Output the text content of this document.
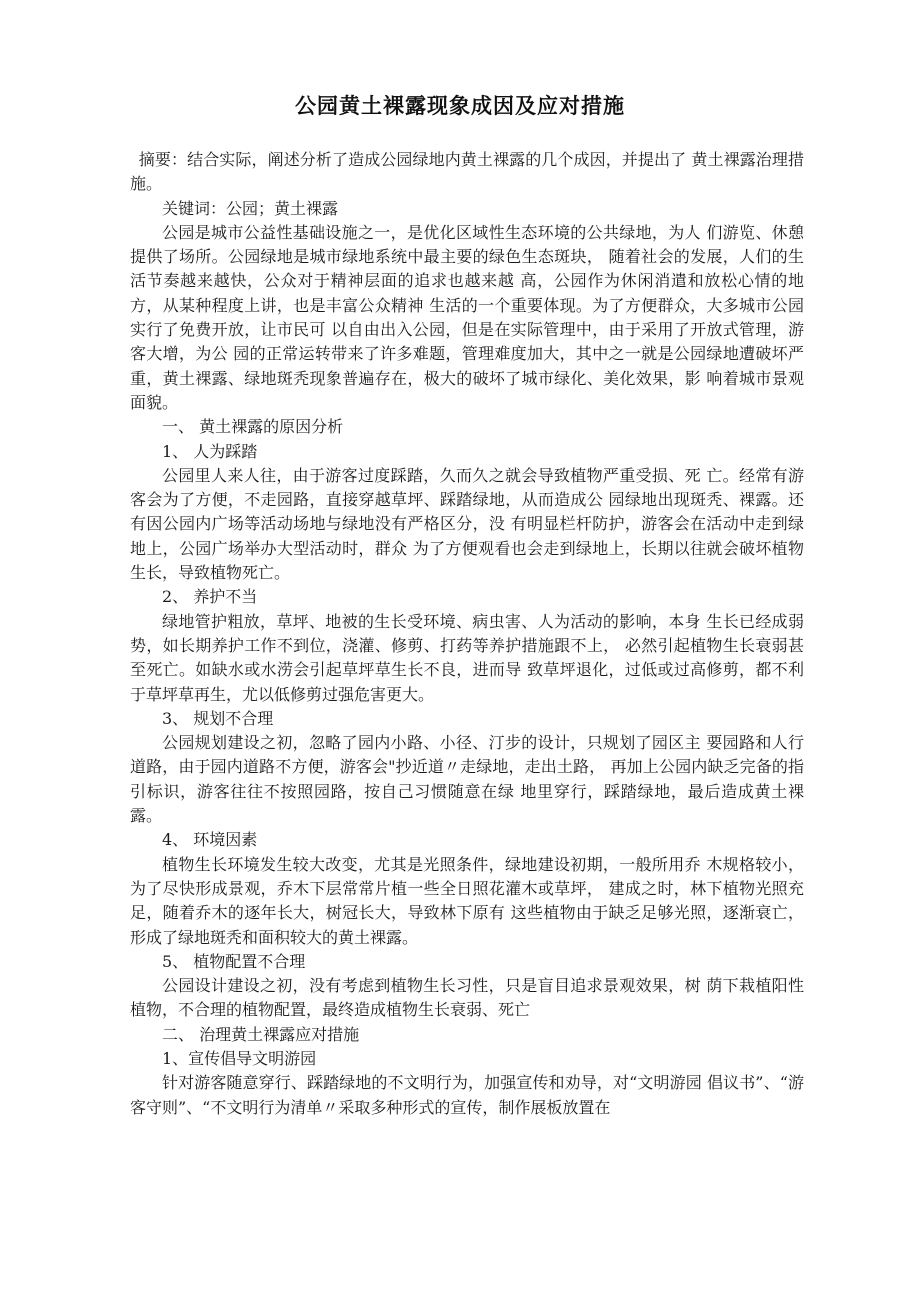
公园黄土裸露现象成因及应对措施

摘要：结合实际，阐述分析了造成公园绿地内黄土裸露的几个成因，并提出了 黄土裸露治理措施。

关键词：公园；黄土裸露

公园是城市公益性基础设施之一，是优化区域性生态环境的公共绿地，为人 们游览、休憩提供了场所。公园绿地是城市绿地系统中最主要的绿色生态斑块， 随着社会的发展，人们的生活节奏越来越快，公众对于精神层面的追求也越来越 高，公园作为休闲消遣和放松心情的地方，从某种程度上讲，也是丰富公众精神 生活的一个重要体现。为了方便群众，大多城市公园实行了免费开放，让市民可 以自由出入公园，但是在实际管理中，由于采用了开放式管理，游客大增，为公 园的正常运转带来了许多难题，管理难度加大，其中之一就是公园绿地遭破坏严 重，黄土裸露、绿地斑秃现象普遍存在，极大的破坏了城市绿化、美化效果，影 响着城市景观面貌。

一、 黄土裸露的原因分析

1、 人为踩踏

公园里人来人往，由于游客过度踩踏，久而久之就会导致植物严重受损、死 亡。经常有游客会为了方便，不走园路，直接穿越草坪、踩踏绿地，从而造成公 园绿地出现斑秃、裸露。还有因公园内广场等活动场地与绿地没有严格区分，没 有明显栏杆防护，游客会在活动中走到绿地上，公园广场举办大型活动时，群众 为了方便观看也会走到绿地上，长期以往就会破坏植物生长，导致植物死亡。

2、 养护不当

绿地管护粗放，草坪、地被的生长受环境、病虫害、人为活动的影响，本身 生长已经成弱势，如长期养护工作不到位，浇灌、修剪、打药等养护措施跟不上， 必然引起植物生长衰弱甚至死亡。如缺水或水涝会引起草坪草生长不良，进而导 致草坪退化，过低或过高修剪，都不利于草坪草再生，尤以低修剪过强危害更大。

3、 规划不合理

公园规划建设之初，忽略了园内小路、小径、汀步的设计，只规划了园区主 要园路和人行道路，由于园内道路不方便，游客会"抄近道〃走绿地，走出土路， 再加上公园内缺乏完备的指引标识，游客往往不按照园路，按自己习惯随意在绿 地里穿行，踩踏绿地，最后造成黄土裸露。

4、 环境因素

植物生长环境发生较大改变，尤其是光照条件，绿地建设初期，一般所用乔 木规格较小，为了尽快形成景观，乔木下层常常片植一些全日照花灌木或草坪， 建成之时，林下植物光照充足，随着乔木的逐年长大，树冠长大，导致林下原有 这些植物由于缺乏足够光照，逐渐衰亡，形成了绿地斑秃和面积较大的黄土裸露。

5、 植物配置不合理

公园设计建设之初，没有考虑到植物生长习性，只是盲目追求景观效果，树 荫下栽植阳性植物，不合理的植物配置，最终造成植物生长衰弱、死亡

二、 治理黄土裸露应对措施

1、宣传倡导文明游园

针对游客随意穿行、踩踏绿地的不文明行为，加强宣传和劝导，对“文明游园 倡议书”、“游客守则”、“不文明行为清单〃采取多种形式的宣传，制作展板放置在
